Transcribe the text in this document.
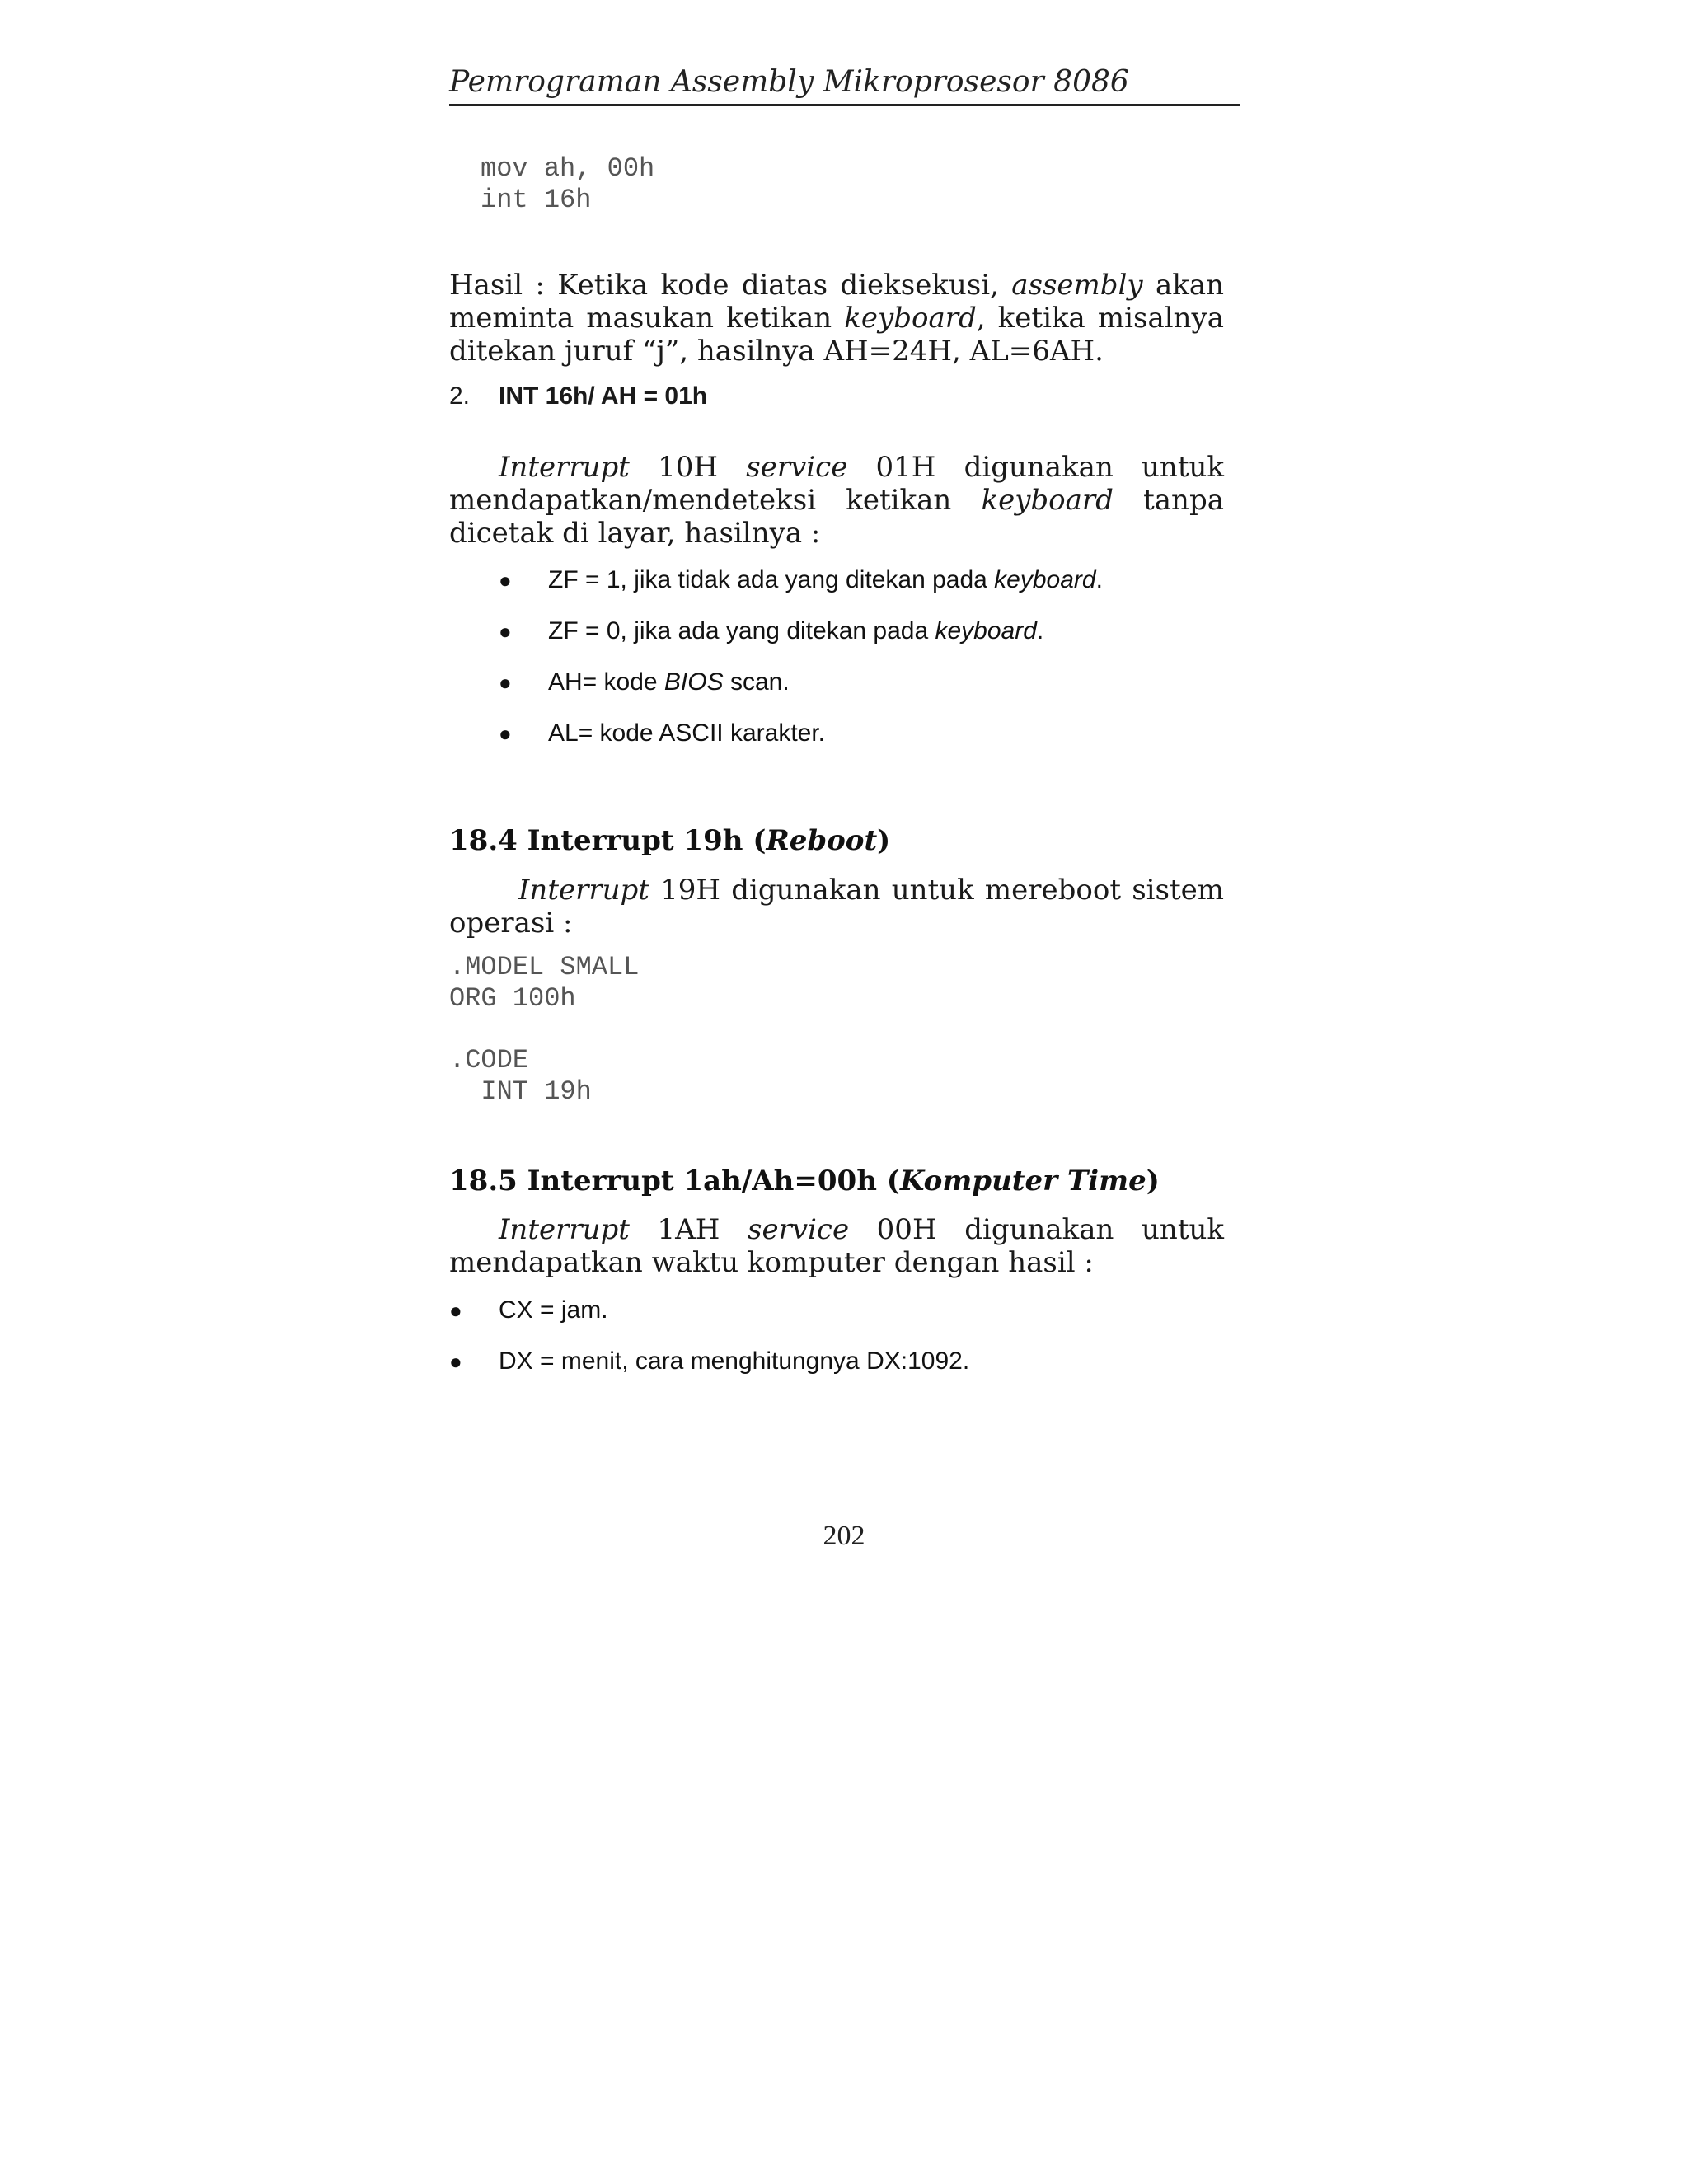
Pemrograman Assembly Mikroprosesor 8086
mov ah, 00h
int 16h
Hasil : Ketika kode diatas dieksekusi, assembly akan meminta masukan ketikan keyboard, ketika misalnya ditekan juruf “j”, hasilnya AH=24H, AL=6AH.
2. INT 16h/ AH = 01h
Interrupt 10H service 01H digunakan untuk mendapatkan/mendeteksi ketikan keyboard tanpa dicetak di layar, hasilnya :
●	ZF = 1, jika tidak ada yang ditekan pada keyboard.
●	ZF = 0, jika ada yang ditekan pada keyboard.
●	AH= kode BIOS scan.
●	AL= kode ASCII karakter.
18.4 Interrupt 19h (Reboot)
Interrupt 19H digunakan untuk mereboot sistem operasi :
.MODEL SMALL
ORG 100h
.CODE
INT 19h
18.5 Interrupt 1ah/Ah=00h (Komputer Time)
Interrupt 1AH service 00H digunakan untuk mendapatkan waktu komputer dengan hasil :
●	CX = jam.
●	DX = menit, cara menghitungnya DX:1092.
202
